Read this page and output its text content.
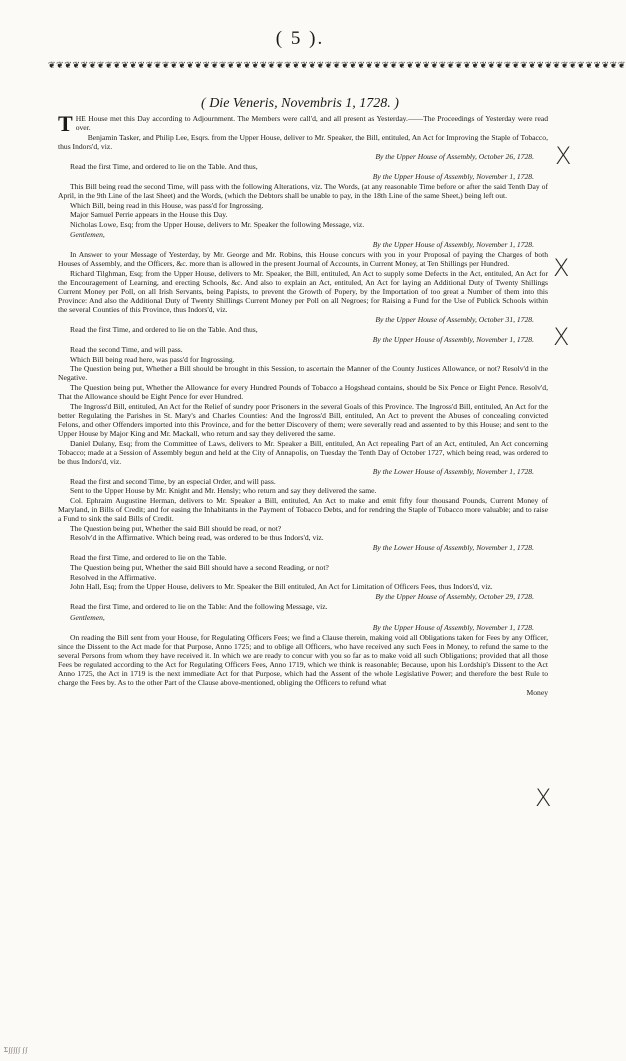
( 5 ).
❦❦❦❦❦❦❦❦❦❦❦❦❦❦❦❦❦❦❦❦❦❦❦❦❦❦❦❦❦❦❦❦❦❦❦❦❦❦❦❦❦❦❦❦❦❦❦❦❦❦❦❦❦❦❦❦❦❦❦❦❦❦❦❦❦❦❦❦❦❦❦
( Die Veneris, Novembris 1, 1728. )

THE House met this Day according to Adjournment. The Members were call'd, and all present as Yesterday.——The Proceedings of Yesterday were read over.

Benjamin Tasker, and Philip Lee, Esqrs. from the Upper House, deliver to Mr. Speaker, the Bill, entituled, An Act for Improving the Staple of Tobacco, thus Indors'd, viz.

By the Upper House of Assembly, October 26, 1728.

Read the first Time, and ordered to lie on the Table. And thus,

By the Upper House of Assembly, November 1, 1728.

This Bill being read the second Time, will pass with the following Alterations, viz. The Words, (at any reasonable Time before or after the said Tenth Day of April, in the 9th Line of the last Sheet) and the Words, (which the Debtors shall be unable to pay, in the 18th Line of the same Sheet,) being left out.

Which Bill, being read in this House, was pass'd for Ingrossing.

Major Samuel Perrie appears in the House this Day.

Nicholas Lowe, Esq; from the Upper House, delivers to Mr. Speaker the following Message, viz.

Gentlemen,
By the Upper House of Assembly, November 1, 1728.

In Answer to your Message of Yesterday, by Mr. George and Mr. Robins, this House concurs with you in your Proposal of paying the Charges of both Houses of Assembly, and the Officers, &c. more than is allowed in the present Journal of Accounts, in Current Money, at Ten Shillings per Hundred.

Richard Tilghman, Esq; from the Upper House, delivers to Mr. Speaker, the Bill, entituled, An Act to supply some Defects in the Act, entituled, An Act for the Encouragement of Learning, and erecting Schools, &c. And also to explain an Act, entituled, An Act for laying an Additional Duty of Twenty Shillings Current Money per Poll, on all Irish Servants, being Papists, to prevent the Growth of Popery, by the Importation of too great a Number of them into this Province: And also the Additional Duty of Twenty Shillings Current Money per Poll on all Negroes; for Raising a Fund for the Use of Publick Schools within the several Counties of this Province, thus Indors'd, viz.

By the Upper House of Assembly, October 31, 1728.

Read the first Time, and ordered to lie on the Table. And thus,

By the Upper House of Assembly, November 1, 1728.

Read the second Time, and will pass.

Which Bill being read here, was pass'd for Ingrossing.

The Question being put, Whether a Bill should be brought in this Session, to ascertain the Manner of the County Justices Allowance, or not? Resolv'd in the Negative.

The Question being put, Whether the Allowance for every Hundred Pounds of Tobacco a Hogshead contains, should be Six Pence or Eight Pence. Resolv'd, That the Allowance should be Eight Pence for ever Hundred.

The Ingross'd Bill, entituled, An Act for the Relief of sundry poor Prisoners in the several Goals of this Province. The Ingross'd Bill, entituled, An Act for the better Regulating the Parishes in St. Mary's and Charles Counties: And the Ingross'd Bill, entituled, An Act to prevent the Abuses of concealing convicted Felons, and other Offenders imported into this Province, and for the better Discovery of them; were severally read and assented to by this House; and sent to the Upper House by Major King and Mr. Mackall, who return and say they delivered the same.

Daniel Dulany, Esq; from the Committee of Laws, delivers to Mr. Speaker a Bill, entituled, An Act repealing Part of an Act, entituled, An Act concerning Tobacco; made at a Session of Assembly begun and held at the City of Annapolis, on Tuesday the Tenth Day of October 1727, which being read, was ordered to be thus Indors'd, viz.

By the Lower House of Assembly, November 1, 1728.

Read the first and second Time, by an especial Order, and will pass.

Sent to the Upper House by Mr. Knight and Mr. Hensly; who return and say they delivered the same.

Col. Ephraim Augustine Herman, delivers to Mr. Speaker a Bill, entituled, An Act to make and emit fifty four thousand Pounds, Current Money of Maryland, in Bills of Credit; and for easing the Inhabitants in the Payment of Tobacco Debts, and for rendring the Staple of Tobacco more valuable; and to raise a Fund to sink the said Bills of Credit.

The Question being put, Whether the said Bill should be read, or not?

Resolv'd in the Affirmative. Which being read, was ordered to be thus Indors'd, viz.

By the Lower House of Assembly, November 1, 1728.

Read the first Time, and ordered to lie on the Table.

The Question being put, Whether the said Bill should have a second Reading, or not?

Resolved in the Affirmative.

John Hall, Esq; from the Upper House, delivers to Mr. Speaker the Bill entituled, An Act for Limitation of Officers Fees, thus Indors'd, viz.

By the Upper House of Assembly, October 29, 1728.

Read the first Time, and ordered to lie on the Table: And the following Message, viz.

Gentlemen,
By the Upper House of Assembly, November 1, 1728.

On reading the Bill sent from your House, for Regulating Officers Fees; we find a Clause therein, making void all Obligations taken for Fees by any Officer, since the Dissent to the Act made for that Purpose, Anno 1725; and to oblige all Officers, who have received any such Fees in Money, to refund the same to the several Persons from whom they have received it. In which we are ready to concur with you so far as to make void all such Obligations; provided that all those Fees be regulated according to the Act for Regulating Officers Fees, Anno 1719, which we think is reasonable; Because, upon his Lordship's Dissent to the Act Anno 1725, the Act in 1719 is the next immediate Act for that Purpose, which had the Assent of the whole Legislative Power; and therefore the best Rule to charge the Fees by. As to the other Part of the Clause above-mentioned, obliging the Officers to refund what

Money
X
X
X
X
Σ∫∫∫∫∫ ∫∫
